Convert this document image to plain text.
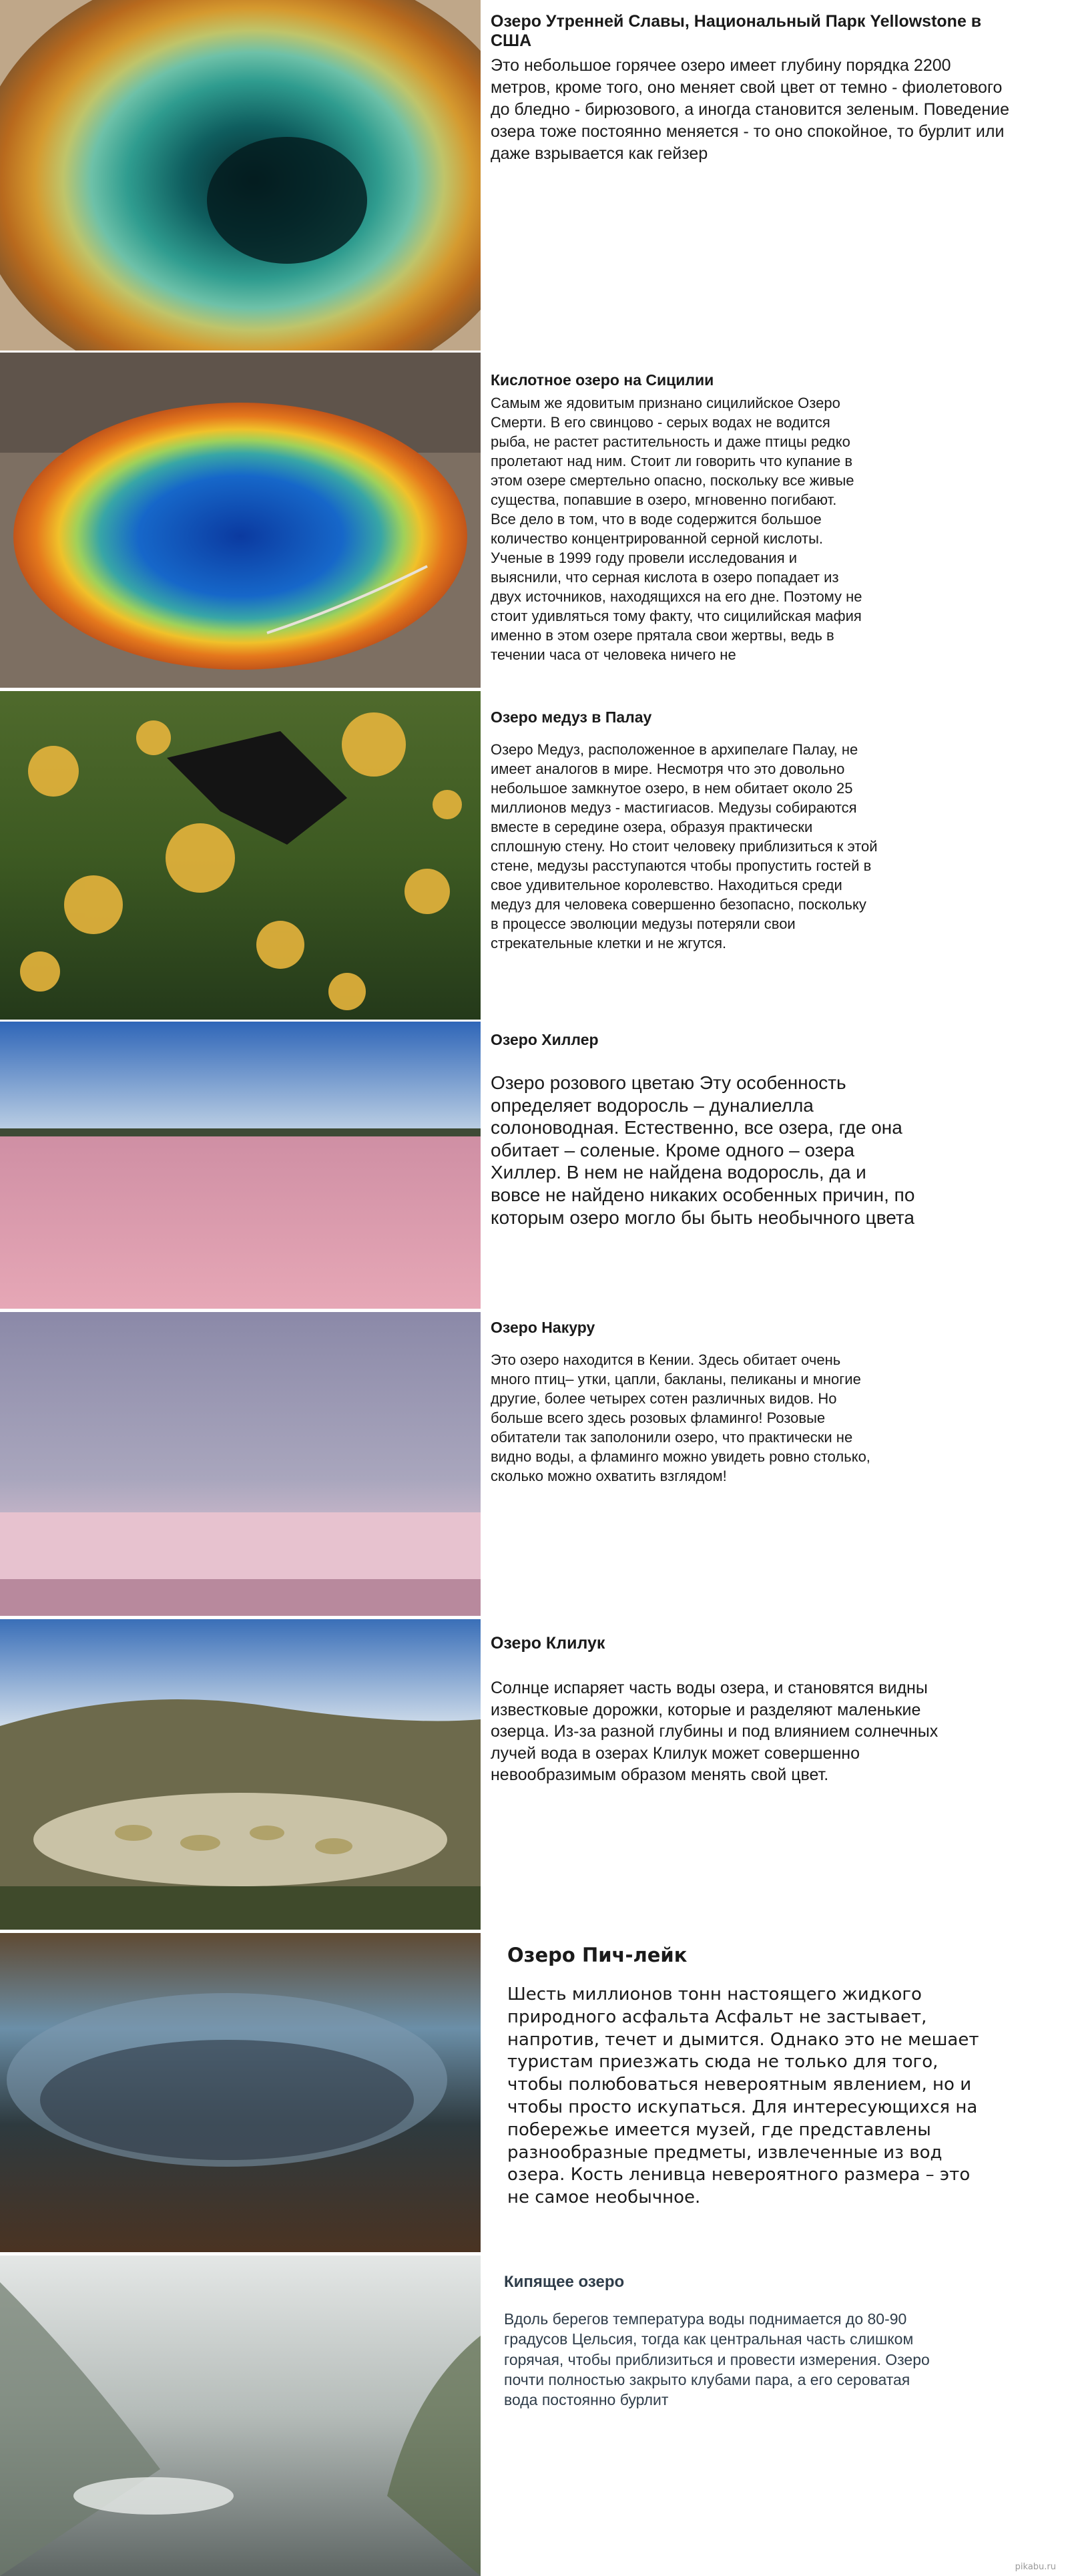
Озеро Утренней Славы, Национальный Парк Yellowstone в США

Это небольшое горячее озеро имеет глубину порядка 2200 метров, кроме того, оно меняет свой цвет от темно - фиолетового до бледно - бирюзового, а иногда становится зеленым. Поведение озера тоже постоянно меняется - то оно спокойное, то бурлит или даже взрывается как гейзер

Кислотное озеро на Сицилии

Самым же ядовитым признано сицилийское Озеро Смерти. В его свинцово - серых водах не водится рыба, не растет растительность и даже птицы редко пролетают над ним. Стоит ли говорить что купание в этом озере смертельно опасно, поскольку все живые существа, попавшие в озеро, мгновенно погибают. Все дело в том, что в воде содержится большое количество концентрированной серной кислоты. Ученые в 1999 году провели исследования и выяснили, что серная кислота в озеро попадает из двух источников, находящихся на его дне. Поэтому не стоит удивляться тому факту, что сицилийская мафия именно в этом озере прятала свои жертвы, ведь в течении часа от человека ничего не

Озеро медуз в Палау

Озеро Медуз, расположенное в архипелаге Палау, не имеет аналогов в мире. Несмотря что это довольно небольшое замкнутое озеро, в нем обитает около 25 миллионов медуз - мастигиасов. Медузы собираются вместе в середине озера, образуя практически сплошную стену. Но стоит человеку приблизиться к этой стене, медузы расступаются чтобы пропустить гостей в свое удивительное королевство. Находиться среди медуз для человека совершенно безопасно, поскольку в процессе эволюции медузы потеряли свои стрекательные клетки и не жгутся.

Озеро Хиллер

Озеро розового цветаю Эту особенность определяет водоросль – дуналиелла солоноводная. Естественно, все озера, где она обитает – соленые. Кроме одного – озера Хиллер. В нем не найдена водоросль, да и вовсе не найдено никаких особенных причин, по которым озеро могло бы быть необычного цвета

Озеро Накуру

Это озеро находится в Кении. Здесь обитает очень много птиц– утки, цапли, бакланы, пеликаны и многие другие, более четырех сотен различных видов. Но больше всего здесь розовых фламинго! Розовые обитатели так заполонили озеро, что практически не видно воды, а фламинго можно увидеть ровно столько, сколько можно охватить взглядом!

Озеро Клилук

Солнце испаряет часть воды озера, и становятся видны известковые дорожки, которые и разделяют маленькие озерца. Из-за разной глубины и под влиянием солнечных лучей вода в озерах Клилук может совершенно невообразимым образом менять свой цвет.

Озеро Пич-лейк

Шесть миллионов тонн настоящего жидкого природного асфальта Асфальт не застывает, напротив, течет и дымится. Однако это не мешает туристам приезжать сюда не только для того, чтобы полюбоваться невероятным явлением, но и чтобы просто искупаться. Для интересующихся на побережье имеется музей, где представлены разнообразные предметы, извлеченные из вод озера. Кость ленивца невероятного размера – это не самое необычное.

Кипящее озеро

Вдоль берегов температура воды поднимается до 80-90 градусов Цельсия, тогда как центральная часть слишком горячая, чтобы приблизиться и провести измерения. Озеро почти полностью закрыто клубами пара, а его сероватая вода постоянно бурлит

pikabu.ru
